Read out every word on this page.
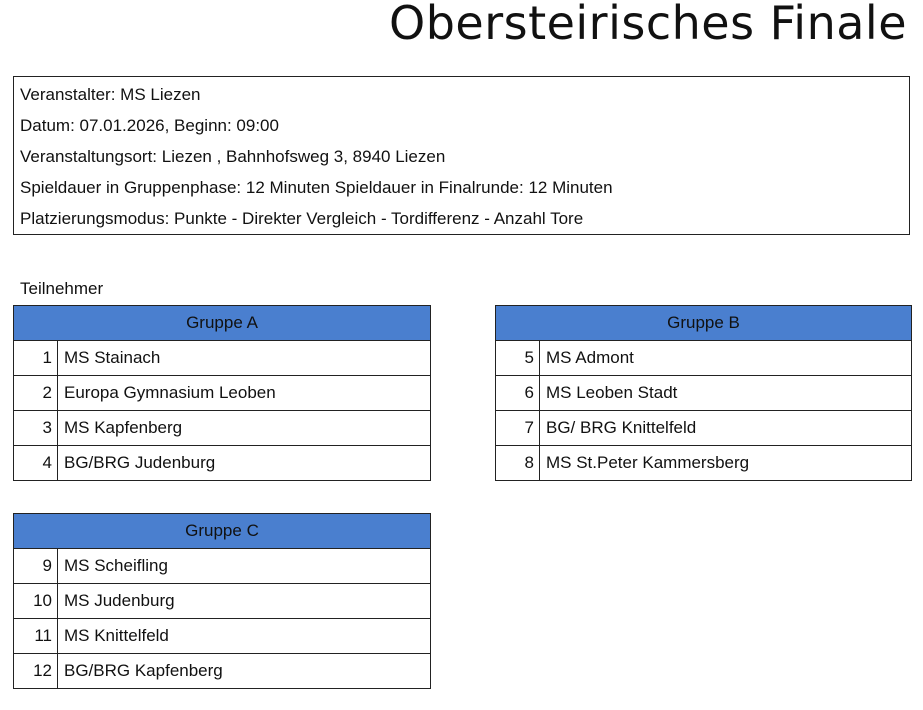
Obersteirisches Finale
Veranstalter: MS Liezen
Datum: 07.01.2026, Beginn: 09:00
Veranstaltungsort: Liezen , Bahnhofsweg 3, 8940 Liezen
Spieldauer in Gruppenphase: 12 Minuten Spieldauer in Finalrunde: 12 Minuten
Platzierungsmodus: Punkte - Direkter Vergleich - Tordifferenz - Anzahl Tore
Teilnehmer
Gruppe A	
1	MS Stainach
2	Europa Gymnasium Leoben
3	MS Kapfenberg
4	BG/BRG Judenburg
Gruppe B	
5	MS Admont
6	MS Leoben Stadt
7	BG/ BRG Knittelfeld
8	MS St.Peter Kammersberg
Gruppe C	
9	MS Scheifling
10	MS Judenburg
11	MS Knittelfeld
12	BG/BRG Kapfenberg
